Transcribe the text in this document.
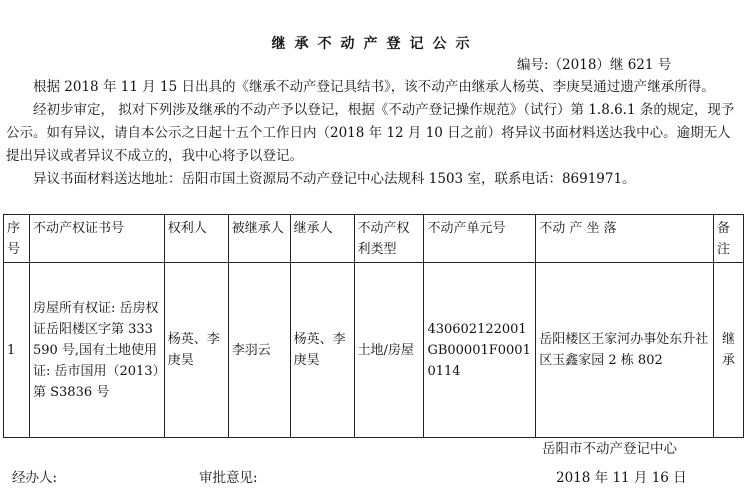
继承不动产登记公示
编号:（2018）继 621 号
根据 2018 年 11 月 15 日出具的《继承不动产登记具结书》，该不动产由继承人杨英、李庚昊通过遗产继承所得。
经初步审定， 拟对下列涉及继承的不动产予以登记，根据《不动产登记操作规范》（试行）第 1.8.6.1 条的规定，现予公示。如有异议，请自本公示之日起十五个工作日内（2018 年 12 月 10 日之前）将异议书面材料送达我中心。逾期无人提出异议或者异议不成立的，我中心将予以登记。
异议书面材料送达地址：岳阳市国土资源局不动产登记中心法规科 1503 室，联系电话：8691971。
序号	不动产权证书号	权利人	被继承人	继承人	不动产权利类型	不动产单元号	不动 产 坐 落	备注
1	房屋所有权证: 岳房权证岳阳楼区字第 333590 号,国有土地使用证: 岳市国用（2013）第 S3836 号	杨英、李庚昊	李羽云	杨英、李庚昊	土地/房屋	430602122001GB00001F00010114	岳阳楼区王家河办事处东升社区玉鑫家园 2 栋 802	继承
岳阳市不动产登记中心
经办人:	审批意见:	2018 年 11 月 16 日
